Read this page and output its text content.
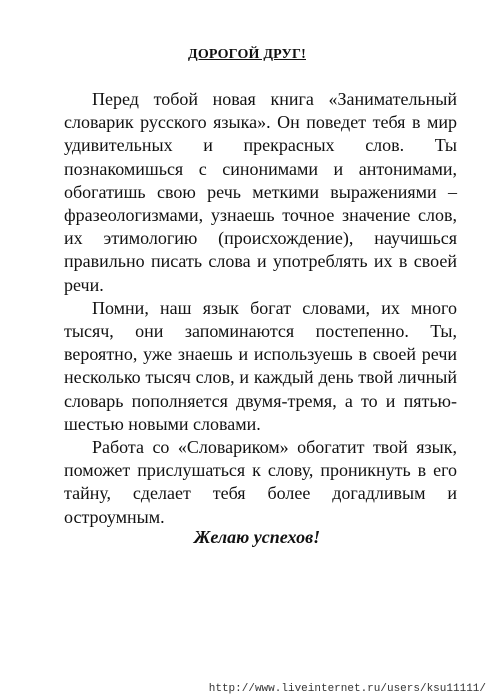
ДОРОГОЙ ДРУГ!

Перед тобой новая книга «Занимательный словарик русского языка». Он поведет тебя в мир удивительных и прекрасных слов. Ты познакомишься с синонимами и антонимами, обогатишь свою речь меткими выражениями – фразеологизмами, узнаешь точное значение слов, их этимологию (происхождение), научишься правильно писать слова и употреблять их в своей речи.

Помни, наш язык богат словами, их много тысяч, они запоминаются постепенно. Ты, вероятно, уже знаешь и используешь в своей речи несколько тысяч слов, и каждый день твой личный словарь пополняется двумя-тремя, а то и пятью-шестью новыми словами.

Работа со «Словариком» обогатит твой язык, поможет прислушаться к слову, проникнуть в его тайну, сделает тебя более догадливым и остроумным.

Желаю успехов!
http://www.liveinternet.ru/users/ksu11111/
